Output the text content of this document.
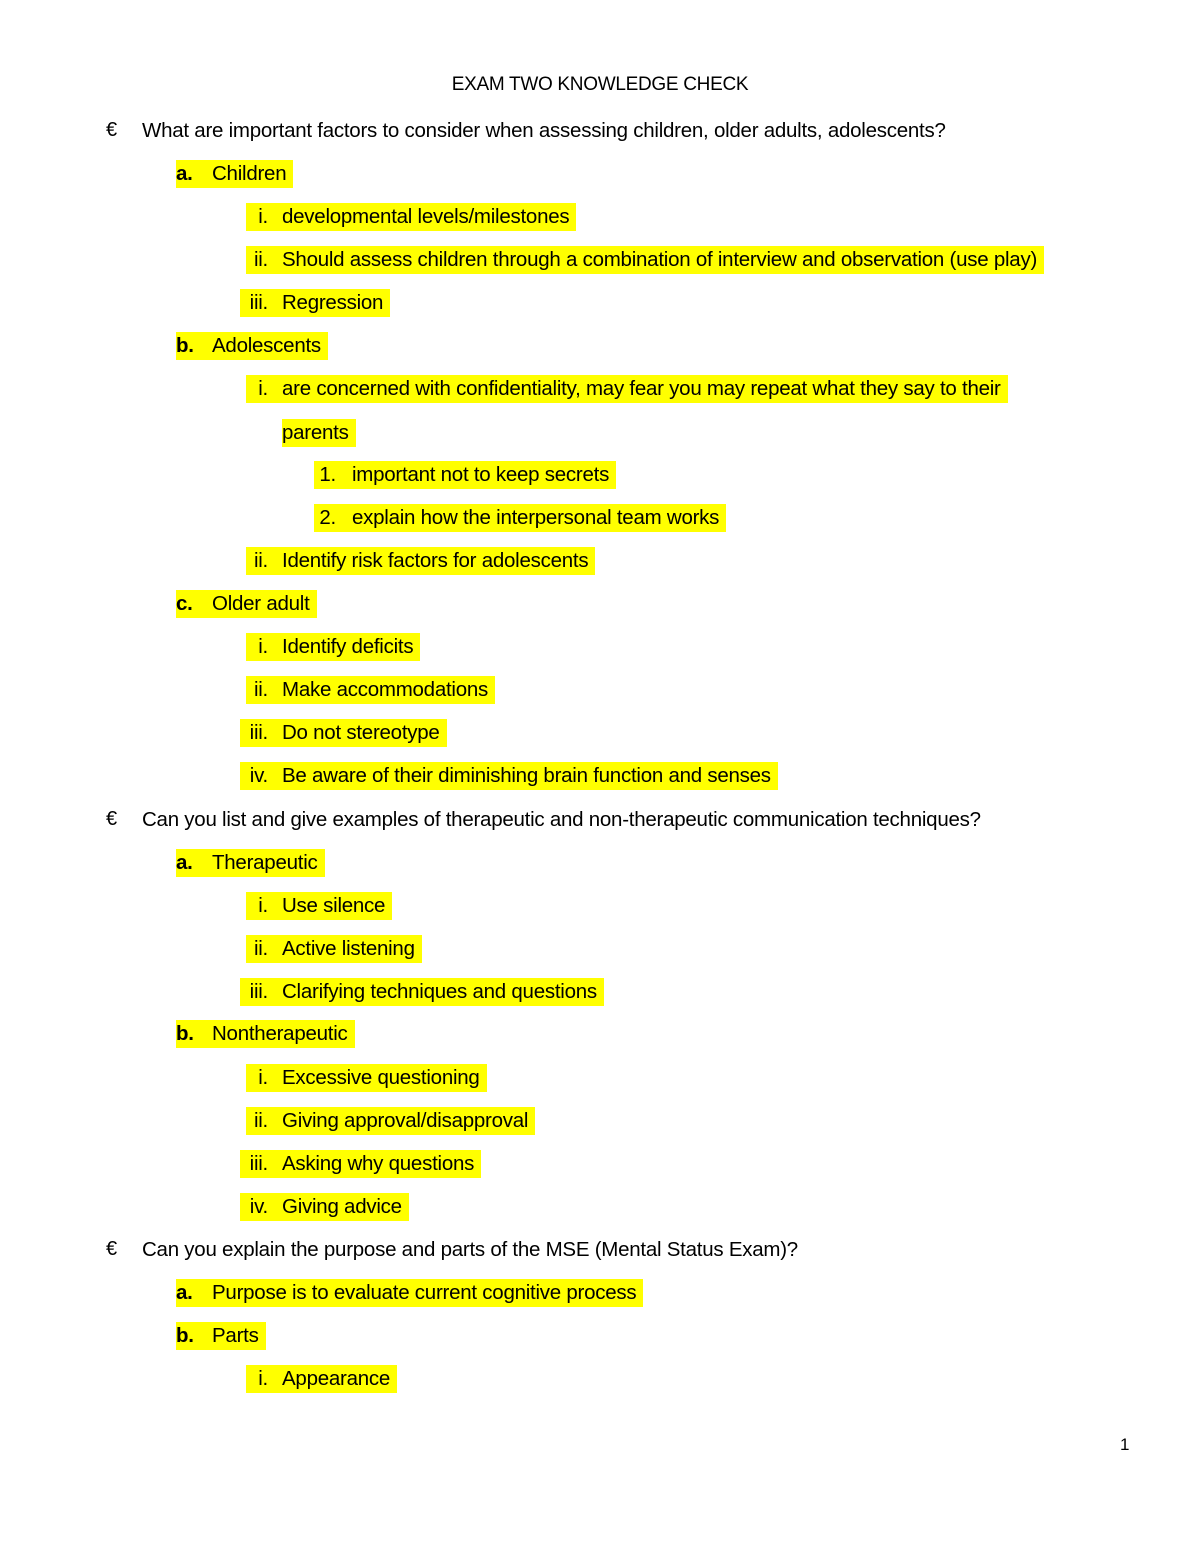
EXAM TWO KNOWLEDGE CHECK
€	What are important factors to consider when assessing children, older adults, adolescents?
a. Children
i. developmental levels/milestones
ii. Should assess children through a combination of interview and observation (use play)
iii. Regression
b. Adolescents
i. are concerned with confidentiality, may fear you may repeat what they say to their
parents
1. important not to keep secrets
2. explain how the interpersonal team works
ii. Identify risk factors for adolescents
c. Older adult
i. Identify deficits
ii. Make accommodations
iii. Do not stereotype
iv. Be aware of their diminishing brain function and senses
€	Can you list and give examples of therapeutic and non-therapeutic communication techniques?
a. Therapeutic
i. Use silence
ii. Active listening
iii. Clarifying techniques and questions
b. Nontherapeutic
i. Excessive questioning
ii. Giving approval/disapproval
iii. Asking why questions
iv. Giving advice
€	Can you explain the purpose and parts of the MSE (Mental Status Exam)?
a. Purpose is to evaluate current cognitive process
b. Parts
i. Appearance
1
